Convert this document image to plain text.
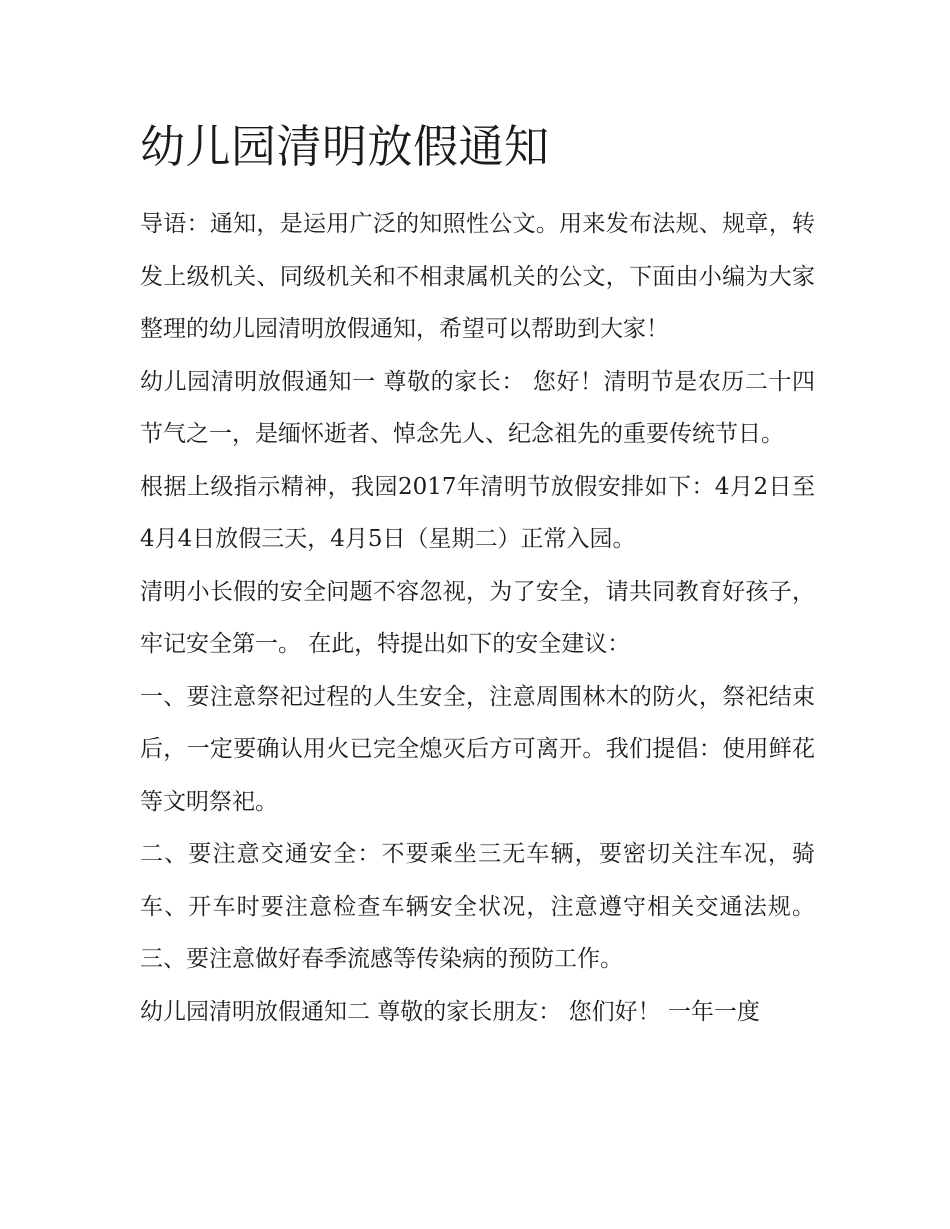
幼儿园清明放假通知

导语：通知，是运用广泛的知照性公文。用来发布法规、规章，转发上级机关、同级机关和不相隶属机关的公文，下面由小编为大家整理的幼儿园清明放假通知，希望可以帮助到大家！

幼儿园清明放假通知一 尊敬的家长： 您好！清明节是农历二十四节气之一，是缅怀逝者、悼念先人、纪念祖先的重要传统节日。

根据上级指示精神，我园2017年清明节放假安排如下：4月2日至4月4日放假三天，4月5日（星期二）正常入园。

清明小长假的安全问题不容忽视，为了安全，请共同教育好孩子，牢记安全第一。 在此，特提出如下的安全建议：

一、要注意祭祀过程的人生安全，注意周围林木的防火，祭祀结束后，一定要确认用火已完全熄灭后方可离开。我们提倡：使用鲜花等文明祭祀。

二、要注意交通安全：不要乘坐三无车辆，要密切关注车况，骑车、开车时要注意检查车辆安全状况，注意遵守相关交通法规。 三、要注意做好春季流感等传染病的预防工作。

幼儿园清明放假通知二 尊敬的家长朋友： 您们好！ 一年一度
